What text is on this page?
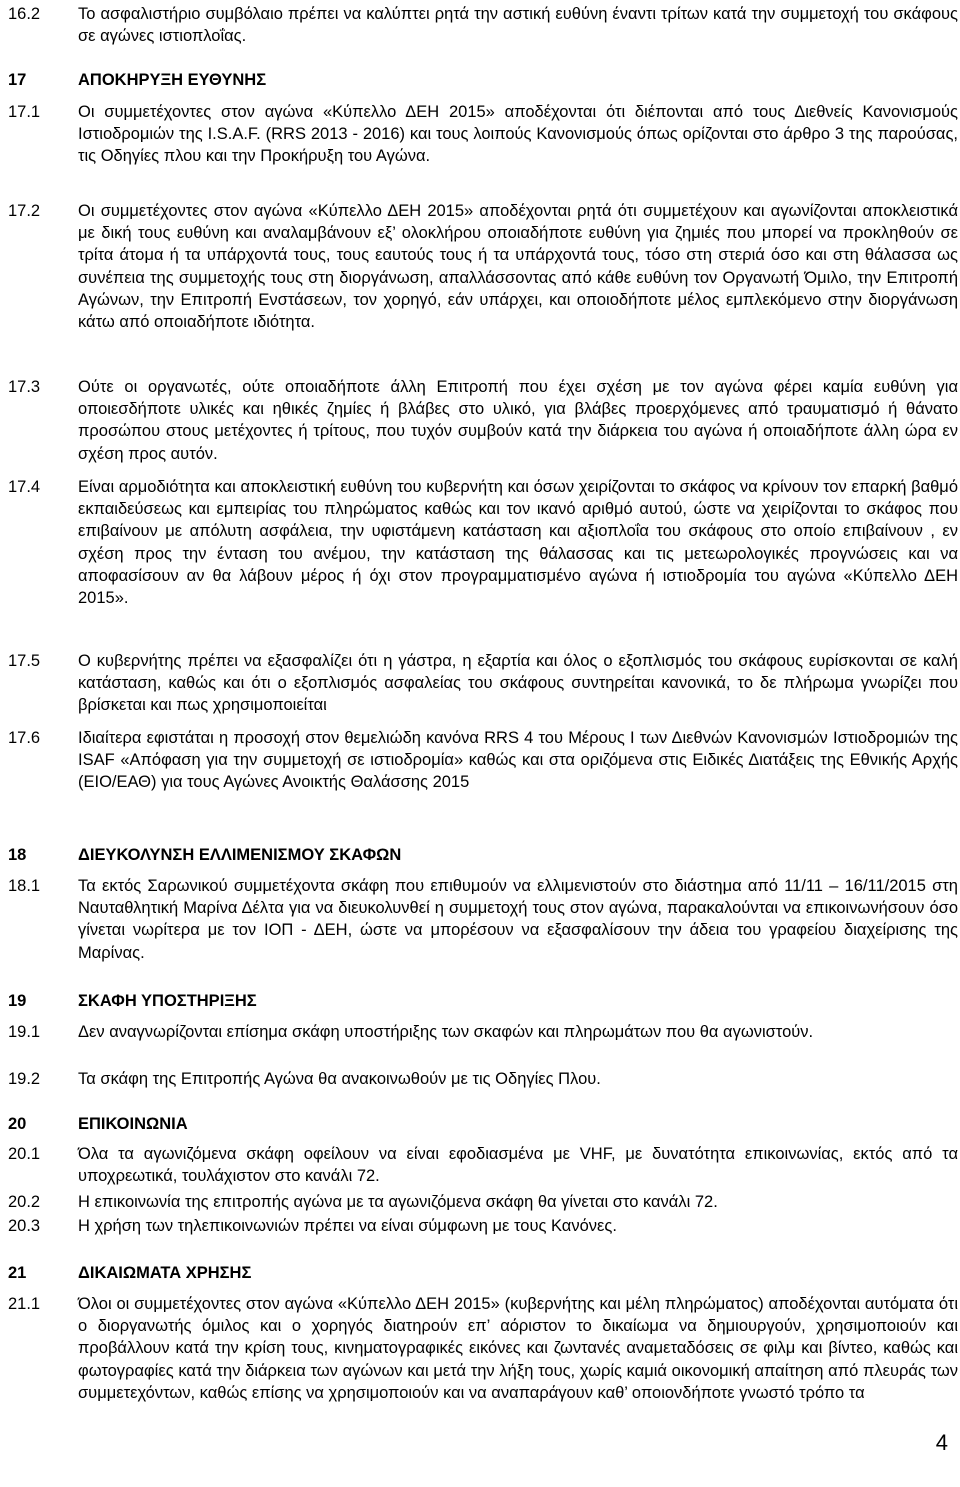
16.2	Το ασφαλιστήριο συμβόλαιο πρέπει να καλύπτει ρητά την αστική ευθύνη έναντι τρίτων κατά την συμμετοχή του σκάφους σε αγώνες ιστιοπλοΐας.
17	ΑΠΟΚΗΡΥΞΗ ΕΥΘΥΝΗΣ
17.1	Οι συμμετέχοντες στον αγώνα «Κύπελλο ΔΕΗ 2015» αποδέχονται ότι διέπονται από τους Διεθνείς Κανονισμούς Ιστιοδρομιών της I.S.A.F. (RRS 2013 - 2016) και τους λοιπούς Κανονισμούς όπως ορίζονται στο άρθρο 3 της παρούσας, τις Οδηγίες πλου και την Προκήρυξη του Αγώνα.
17.2	Οι συμμετέχοντες στον αγώνα «Κύπελλο ΔΕΗ 2015» αποδέχονται ρητά ότι συμμετέχουν και αγωνίζονται αποκλειστικά με δική τους ευθύνη και αναλαμβάνουν εξ’ ολοκλήρου οποιαδήποτε ευθύνη για ζημιές που μπορεί να προκληθούν σε τρίτα άτομα ή τα υπάρχοντά τους, τους εαυτούς τους ή τα υπάρχοντά τους, τόσο στη στεριά όσο και στη θάλασσα ως συνέπεια της συμμετοχής τους στη διοργάνωση, απαλλάσσοντας από κάθε ευθύνη τον Οργανωτή Όμιλο, την Επιτροπή Αγώνων, την Επιτροπή Ενστάσεων, τον χορηγό, εάν υπάρχει, και οποιοδήποτε μέλος εμπλεκόμενο στην διοργάνωση κάτω από οποιαδήποτε ιδιότητα.
17.3	Ούτε οι οργανωτές, ούτε οποιαδήποτε άλλη Επιτροπή που έχει σχέση με τον αγώνα φέρει καμία ευθύνη για οποιεσδήποτε υλικές και ηθικές ζημίες ή βλάβες στο υλικό, για βλάβες προερχόμενες από τραυματισμό ή θάνατο προσώπου στους μετέχοντες ή τρίτους, που τυχόν συμβούν κατά την διάρκεια του αγώνα ή οποιαδήποτε άλλη ώρα εν σχέση προς αυτόν.
17.4	Είναι αρμοδιότητα και αποκλειστική ευθύνη του κυβερνήτη και όσων χειρίζονται το σκάφος να κρίνουν τον επαρκή βαθμό εκπαιδεύσεως και εμπειρίας του πληρώματος καθώς και τον ικανό αριθμό αυτού, ώστε να χειρίζονται το σκάφος που επιβαίνουν με απόλυτη ασφάλεια, την υφιστάμενη κατάσταση και αξιοπλοΐα του σκάφους στο οποίο επιβαίνουν , εν σχέση προς την ένταση του ανέμου, την κατάσταση της θάλασσας και τις μετεωρολογικές προγνώσεις και να αποφασίσουν αν θα λάβουν μέρος ή όχι στον προγραμματισμένο αγώνα ή ιστιοδρομία του αγώνα «Κύπελλο ΔΕΗ 2015».
17.5	Ο κυβερνήτης πρέπει να εξασφαλίζει ότι η γάστρα, η εξαρτία και όλος ο εξοπλισμός του σκάφους ευρίσκονται σε καλή κατάσταση, καθώς και ότι ο εξοπλισμός ασφαλείας του σκάφους συντηρείται κανονικά, το δε πλήρωμα γνωρίζει που βρίσκεται και πως χρησιμοποιείται
17.6	Ιδιαίτερα εφιστάται η προσοχή στον θεμελιώδη κανόνα RRS 4 του Μέρους Ι των Διεθνών Κανονισμών Ιστιοδρομιών της ISAF «Απόφαση για την συμμετοχή σε ιστιοδρομία» καθώς και στα οριζόμενα στις Ειδικές Διατάξεις της Εθνικής Αρχής (ΕΙΟ/ΕΑΘ) για τους Αγώνες Ανοικτής Θαλάσσης 2015
18	ΔΙΕΥΚΟΛΥΝΣΗ ΕΛΛΙΜΕΝΙΣΜΟΥ ΣΚΑΦΩΝ
18.1	Τα εκτός Σαρωνικού συμμετέχοντα σκάφη που επιθυμούν να ελλιμενιστούν στο διάστημα από 11/11 – 16/11/2015 στη Ναυταθλητική Μαρίνα Δέλτα για να διευκολυνθεί η συμμετοχή τους στον αγώνα, παρακαλούνται να επικοινωνήσουν όσο γίνεται νωρίτερα με τον ΙΟΠ - ΔΕΗ, ώστε να μπορέσουν να εξασφαλίσουν την άδεια του γραφείου διαχείρισης της Μαρίνας.
19	ΣΚΑΦΗ ΥΠΟΣΤΗΡΙΞΗΣ
19.1	Δεν αναγνωρίζονται επίσημα σκάφη υποστήριξης των σκαφών και πληρωμάτων που θα αγωνιστούν.
19.2	Τα σκάφη της Επιτροπής Αγώνα θα ανακοινωθούν με τις Οδηγίες Πλου.
20	ΕΠΙΚΟΙΝΩΝΙΑ
20.1	Όλα τα αγωνιζόμενα σκάφη οφείλουν να είναι εφοδιασμένα με VHF, με δυνατότητα επικοινωνίας, εκτός από τα υποχρεωτικά, τουλάχιστον στο κανάλι 72.
20.2	Η επικοινωνία της επιτροπής αγώνα με τα αγωνιζόμενα σκάφη θα γίνεται στο κανάλι 72.
20.3	Η χρήση των τηλεπικοινωνιών πρέπει να είναι σύμφωνη με τους Κανόνες.
21	ΔΙΚΑΙΩΜΑΤΑ ΧΡΗΣΗΣ
21.1	Όλοι οι συμμετέχοντες στον αγώνα «Κύπελλο ΔΕΗ 2015» (κυβερνήτης και μέλη πληρώματος) αποδέχονται αυτόματα ότι ο διοργανωτής όμιλος και ο χορηγός διατηρούν επ’ αόριστον το δικαίωμα να δημιουργούν, χρησιμοποιούν και προβάλλουν κατά την κρίση τους, κινηματογραφικές εικόνες και ζωντανές αναμεταδόσεις σε φιλμ και βίντεο, καθώς και φωτογραφίες κατά την διάρκεια των αγώνων και μετά την λήξη τους, χωρίς καμιά οικονομική απαίτηση από πλευράς των συμμετεχόντων, καθώς επίσης να χρησιμοποιούν και να αναπαράγουν καθ’ οποιονδήποτε γνωστό τρόπο τα
4
